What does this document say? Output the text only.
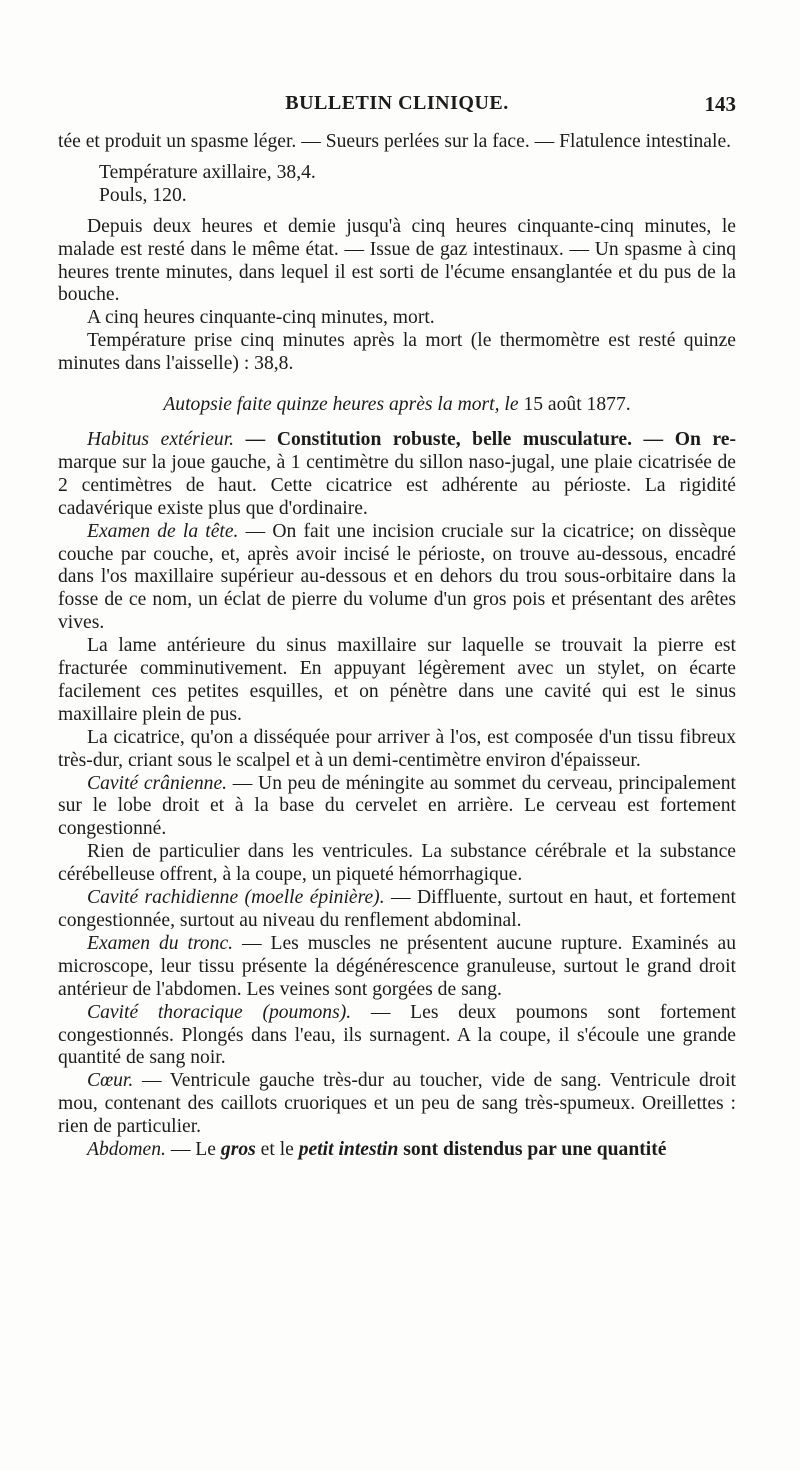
BULLETIN CLINIQUE.	143

tée et produit un spasme léger. — Sueurs perlées sur la face. — Flatulence intestinale.

Température axillaire, 38,4.

Pouls, 120.

Depuis deux heures et demie jusqu'à cinq heures cinquante-cinq minutes, le malade est resté dans le même état. — Issue de gaz intestinaux. — Un spasme à cinq heures trente minutes, dans lequel il est sorti de l'écume ensanglantée et du pus de la bouche.

A cinq heures cinquante-cinq minutes, mort.

Température prise cinq minutes après la mort (le thermomètre est resté quinze minutes dans l'aisselle) : 38,8.

Autopsie faite quinze heures après la mort, le 15 août 1877.

Habitus extérieur. — Constitution robuste, belle musculature. — On re- marque sur la joue gauche, à 1 centimètre du sillon naso-jugal, une plaie cicatrisée de 2 centimètres de haut. Cette cicatrice est adhérente au périoste. La rigidité cadavérique existe plus que d'ordinaire.

Examen de la tête. — On fait une incision cruciale sur la cicatrice; on dissèque couche par couche, et, après avoir incisé le périoste, on trouve au-dessous, encadré dans l'os maxillaire supérieur au-dessous et en dehors du trou sous-orbitaire dans la fosse de ce nom, un éclat de pierre du volume d'un gros pois et présentant des arêtes vives.

La lame antérieure du sinus maxillaire sur laquelle se trouvait la pierre est fracturée comminutivement. En appuyant légèrement avec un stylet, on écarte facilement ces petites esquilles, et on pénètre dans une cavité qui est le sinus maxillaire plein de pus.

La cicatrice, qu'on a disséquée pour arriver à l'os, est composée d'un tissu fibreux très-dur, criant sous le scalpel et à un demi-centimètre environ d'épaisseur.

Cavité crânienne. — Un peu de méningite au sommet du cerveau, principalement sur le lobe droit et à la base du cervelet en arrière. Le cerveau est fortement congestionné.

Rien de particulier dans les ventricules. La substance cérébrale et la substance cérébelleuse offrent, à la coupe, un piqueté hémorrhagique.

Cavité rachidienne (moelle épinière). — Diffluente, surtout en haut, et fortement congestionnée, surtout au niveau du renflement abdominal.

Examen du tronc. — Les muscles ne présentent aucune rupture. Examinés au microscope, leur tissu présente la dégénérescence granuleuse, surtout le grand droit antérieur de l'abdomen. Les veines sont gorgées de sang.

Cavité thoracique (poumons). — Les deux poumons sont fortement congestionnés. Plongés dans l'eau, ils surnagent. A la coupe, il s'écoule une grande quantité de sang noir.

Cœur. — Ventricule gauche très-dur au toucher, vide de sang. Ventricule droit mou, contenant des caillots cruoriques et un peu de sang très-spumeux. Oreillettes : rien de particulier.

Abdomen. — Le gros et le petit intestin sont distendus par une quantité
